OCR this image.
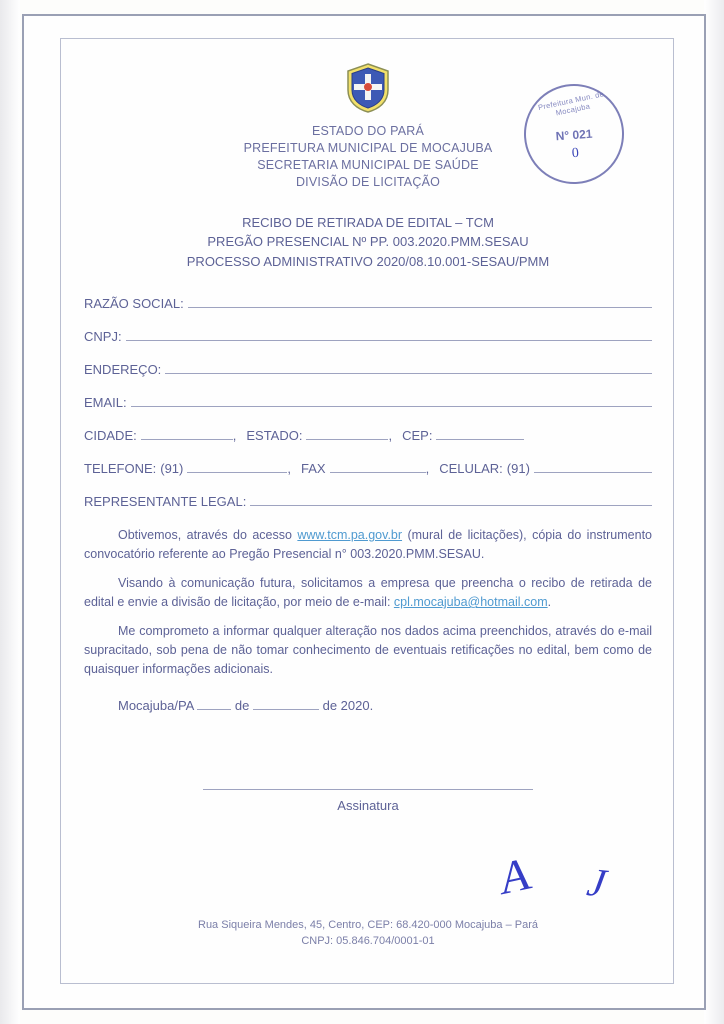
Prefeitura Mun. de Mocajuba
N° 021
0
ESTADO DO PARÁ
PREFEITURA MUNICIPAL DE MOCAJUBA
SECRETARIA MUNICIPAL DE SAÚDE
DIVISÃO DE LICITAÇÃO
RECIBO DE RETIRADA DE EDITAL – TCM
PREGÃO PRESENCIAL Nº PP. 003.2020.PMM.SESAU
PROCESSO ADMINISTRATIVO 2020/08.10.001-SESAU/PMM
RAZÃO SOCIAL:
CNPJ:
ENDEREÇO:
EMAIL:
CIDADE:	, ESTADO:	, CEP:
TELEFONE: (91)	, FAX	, CELULAR: (91)
REPRESENTANTE LEGAL:

Obtivemos, através do acesso www.tcm.pa.gov.br (mural de licitações), cópia do instrumento convocatório referente ao Pregão Presencial n° 003.2020.PMM.SESAU.

Visando à comunicação futura, solicitamos a empresa que preencha o recibo de retirada de edital e envie a divisão de licitação, por meio de e-mail: cpl.mocajuba@hotmail.com.

Me comprometo a informar qualquer alteração nos dados acima preenchidos, através do e-mail supracitado, sob pena de não tomar conhecimento de eventuais retificações no edital, bem como de quaisquer informações adicionais.

Mocajuba/PA	de	de 2020.
Assinatura
A J
Rua Siqueira Mendes, 45, Centro, CEP: 68.420-000 Mocajuba – Pará
CNPJ: 05.846.704/0001-01
